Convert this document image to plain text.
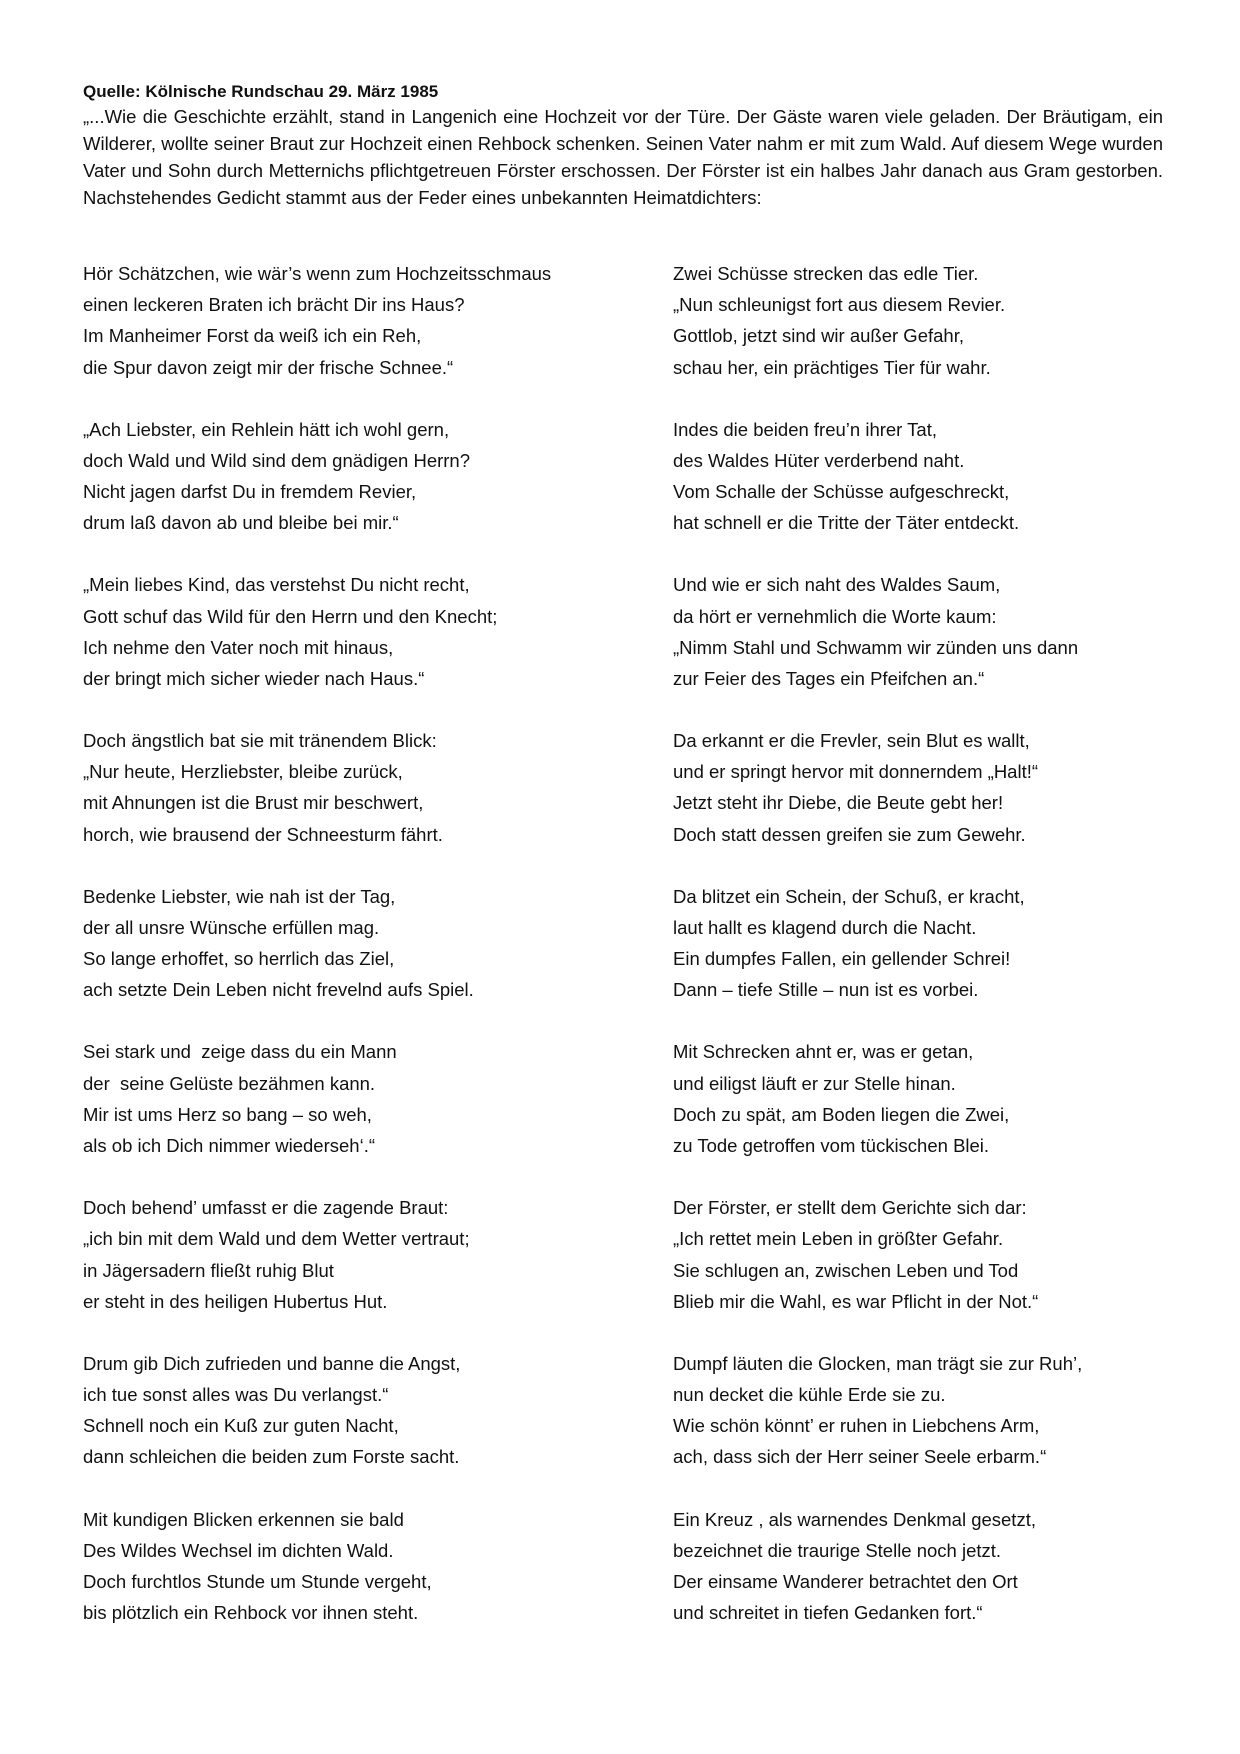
Quelle: Kölnische Rundschau 29. März 1985
„...Wie die Geschichte erzählt, stand in Langenich eine Hochzeit vor der Türe. Der Gäste waren viele geladen. Der Bräutigam, ein Wilderer, wollte seiner Braut zur Hochzeit einen Rehbock schenken. Seinen Vater nahm er mit zum Wald. Auf diesem Wege wurden Vater und Sohn durch Metternichs pflichtgetreuen Förster erschossen. Der Förster ist ein halbes Jahr danach aus Gram gestorben. Nachstehendes Gedicht stammt aus der Feder eines unbekannten Heimatdichters:
Hör Schätzchen, wie wär’s wenn zum Hochzeitsschmaus
einen leckeren Braten ich brächt Dir ins Haus?
Im Manheimer Forst da weiß ich ein Reh,
die Spur davon zeigt mir der frische Schnee.“
„Ach Liebster, ein Rehlein hätt ich wohl gern,
doch Wald und Wild sind dem gnädigen Herrn?
Nicht jagen darfst Du in fremdem Revier,
drum laß davon ab und bleibe bei mir.“
„Mein liebes Kind, das verstehst Du nicht recht,
Gott schuf das Wild für den Herrn und den Knecht;
Ich nehme den Vater noch mit hinaus,
der bringt mich sicher wieder nach Haus.“
Doch ängstlich bat sie mit tränendem Blick:
„Nur heute, Herzliebster, bleibe zurück,
mit Ahnungen ist die Brust mir beschwert,
horch, wie brausend der Schneesturm fährt.
Bedenke Liebster, wie nah ist der Tag,
der all unsre Wünsche erfüllen mag.
So lange erhoffet, so herrlich das Ziel,
ach setzte Dein Leben nicht frevelnd aufs Spiel.
Sei stark und  zeige dass du ein Mann
der  seine Gelüste bezähmen kann.
Mir ist ums Herz so bang – so weh,
als ob ich Dich nimmer wiederseh‘.“
Doch behend’ umfasst er die zagende Braut:
„ich bin mit dem Wald und dem Wetter vertraut;
in Jägersadern fließt ruhig Blut
er steht in des heiligen Hubertus Hut.
Drum gib Dich zufrieden und banne die Angst,
ich tue sonst alles was Du verlangst.“
Schnell noch ein Kuß zur guten Nacht,
dann schleichen die beiden zum Forste sacht.
Mit kundigen Blicken erkennen sie bald
Des Wildes Wechsel im dichten Wald.
Doch furchtlos Stunde um Stunde vergeht,
bis plötzlich ein Rehbock vor ihnen steht.
Zwei Schüsse strecken das edle Tier.
„Nun schleunigst fort aus diesem Revier.
Gottlob, jetzt sind wir außer Gefahr,
schau her, ein prächtiges Tier für wahr.
Indes die beiden freu’n ihrer Tat,
des Waldes Hüter verderbend naht.
Vom Schalle der Schüsse aufgeschreckt,
hat schnell er die Tritte der Täter entdeckt.
Und wie er sich naht des Waldes Saum,
da hört er vernehmlich die Worte kaum:
„Nimm Stahl und Schwamm wir zünden uns dann
zur Feier des Tages ein Pfeifchen an.“
Da erkannt er die Frevler, sein Blut es wallt,
und er springt hervor mit donnerndem „Halt!“
Jetzt steht ihr Diebe, die Beute gebt her!
Doch statt dessen greifen sie zum Gewehr.
Da blitzet ein Schein, der Schuß, er kracht,
laut hallt es klagend durch die Nacht.
Ein dumpfes Fallen, ein gellender Schrei!
Dann – tiefe Stille – nun ist es vorbei.
Mit Schrecken ahnt er, was er getan,
und eiligst läuft er zur Stelle hinan.
Doch zu spät, am Boden liegen die Zwei,
zu Tode getroffen vom tückischen Blei.
Der Förster, er stellt dem Gerichte sich dar:
„Ich rettet mein Leben in größter Gefahr.
Sie schlugen an, zwischen Leben und Tod
Blieb mir die Wahl, es war Pflicht in der Not.“
Dumpf läuten die Glocken, man trägt sie zur Ruh’,
nun decket die kühle Erde sie zu.
Wie schön könnt’ er ruhen in Liebchens Arm,
ach, dass sich der Herr seiner Seele erbarm.“
Ein Kreuz , als warnendes Denkmal gesetzt,
bezeichnet die traurige Stelle noch jetzt.
Der einsame Wanderer betrachtet den Ort
und schreitet in tiefen Gedanken fort.“
